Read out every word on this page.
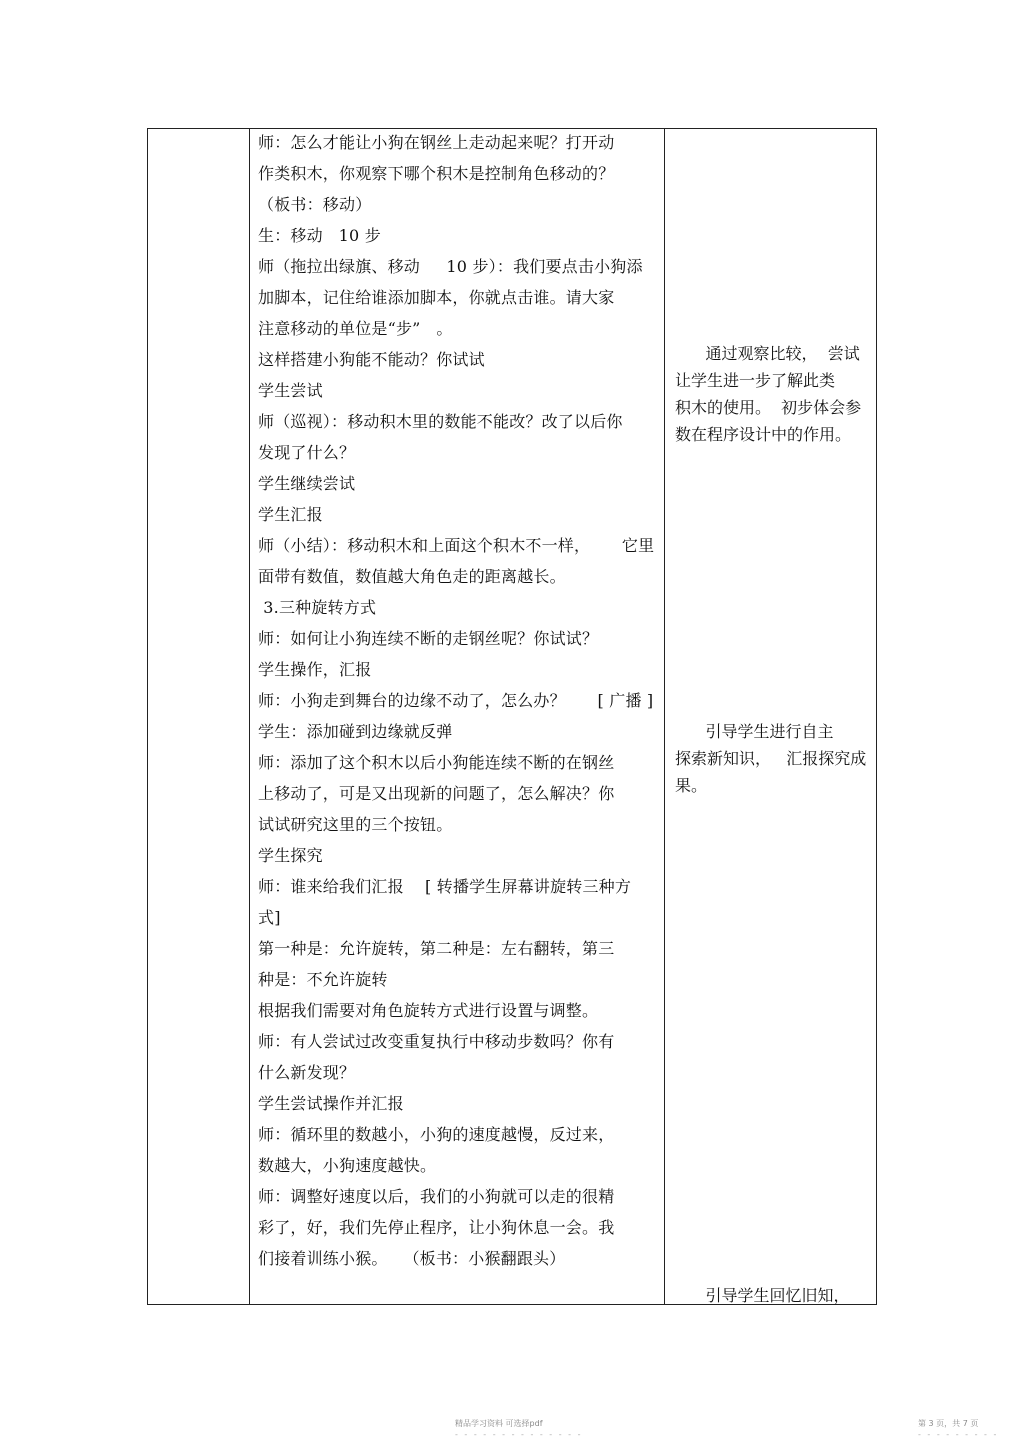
师：怎么才能让小狗在钢丝上走动起来呢？打开动
作类积木，你观察下哪个积木是控制角色移动的？
（板书：移动）
生：移动   10 步
师（拖拉出绿旗、移动     10 步）：我们要点击小狗添
加脚本，记住给谁添加脚本，你就点击谁。请大家
注意移动的单位是“步”   。
这样搭建小狗能不能动？你试试
学生尝试
师（巡视）：移动积木里的数能不能改？改了以后你
发现了什么？
学生继续尝试
学生汇报
师（小结）：移动积木和上面这个积木不一样，      它里
面带有数值，数值越大角色走的距离越长。
3.三种旋转方式
师：如何让小狗连续不断的走钢丝呢？你试试？
学生操作，汇报
师：小狗走到舞台的边缘不动了，怎么办？      [ 广播 ]
学生：添加碰到边缘就反弹
师：添加了这个积木以后小狗能连续不断的在钢丝
上移动了，可是又出现新的问题了，怎么解决？你
试试研究这里的三个按钮。
学生探究
师：谁来给我们汇报    [ 转播学生屏幕讲旋转三种方
式]
第一种是：允许旋转，第二种是：左右翻转，第三
种是：不允许旋转
根据我们需要对角色旋转方式进行设置与调整。
师：有人尝试过改变重复执行中移动步数吗？你有
什么新发现？
学生尝试操作并汇报
师：循环里的数越小，小狗的速度越慢，反过来，
数越大，小狗速度越快。
师：调整好速度以后，我们的小狗就可以走的很精
彩了，好，我们先停止程序，让小狗休息一会。我
们接着训练小猴。   （板书：小猴翻跟头）
通过观察比较，  尝试
让学生进一步了解此类
积木的使用。  初步体会参
数在程序设计中的作用。
引导学生进行自主
探索新知识，   汇报探究成
果。
引导学生回忆旧知，
精品学习资料 可选择pdf
- - - - - - - - - - - - - -
第 3 页，共 7 页
- - - - - - - - -
